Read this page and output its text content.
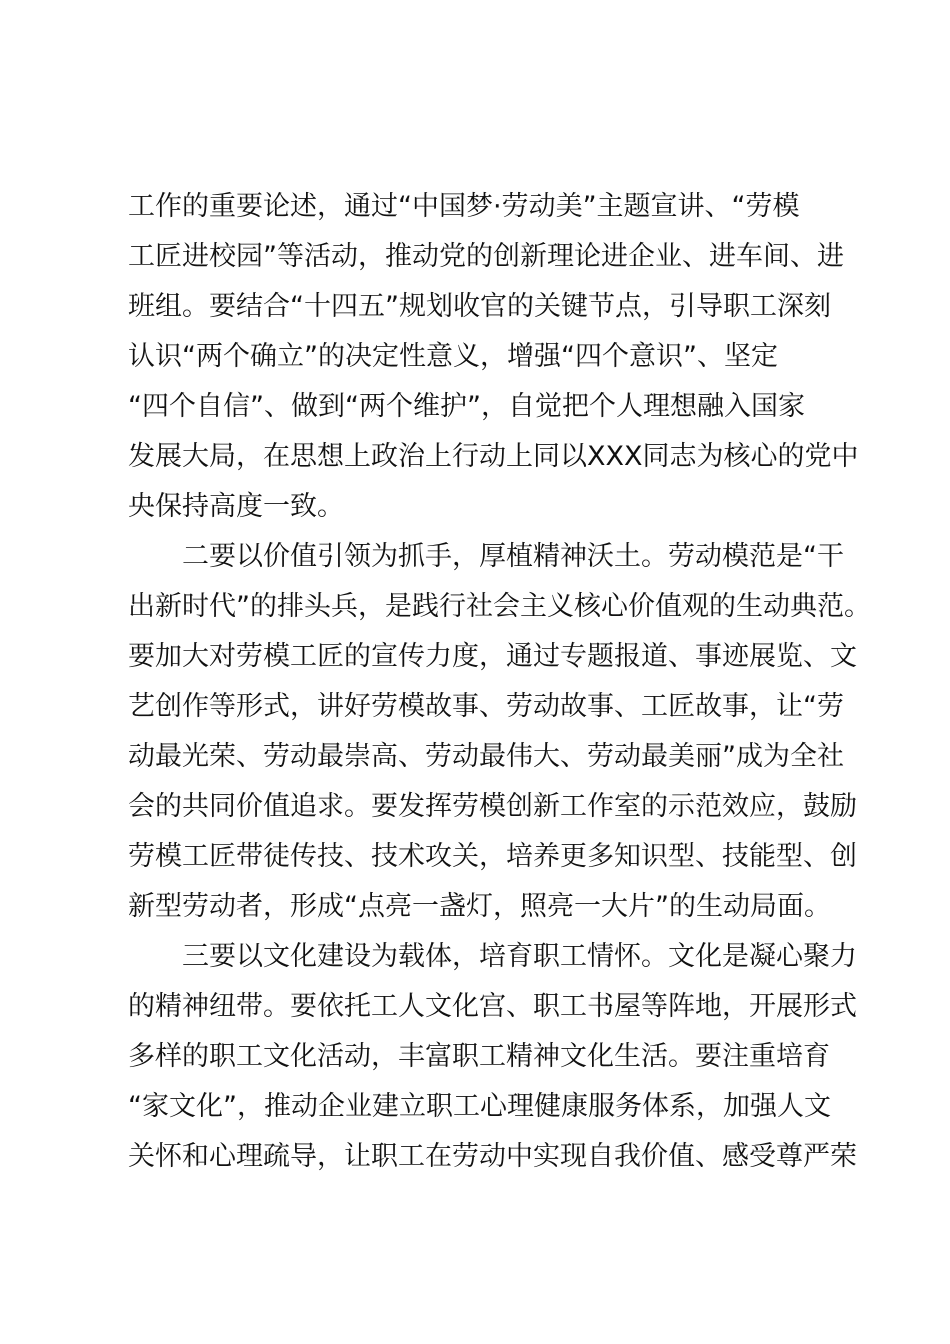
工作的重要论述，通过“中国梦·劳动美”主题宣讲、“劳模
工匠进校园”等活动，推动党的创新理论进企业、进车间、进
班组。要结合“十四五”规划收官的关键节点，引导职工深刻
认识“两个确立”的决定性意义，增强“四个意识”、坚定
“四个自信”、做到“两个维护”，自觉把个人理想融入国家
发展大局，在思想上政治上行动上同以XXX同志为核心的党中
央保持高度一致。
二要以价值引领为抓手，厚植精神沃土。劳动模范是“干
出新时代”的排头兵，是践行社会主义核心价值观的生动典范。
要加大对劳模工匠的宣传力度，通过专题报道、事迹展览、文
艺创作等形式，讲好劳模故事、劳动故事、工匠故事，让“劳
动最光荣、劳动最崇高、劳动最伟大、劳动最美丽”成为全社
会的共同价值追求。要发挥劳模创新工作室的示范效应，鼓励
劳模工匠带徒传技、技术攻关，培养更多知识型、技能型、创
新型劳动者，形成“点亮一盏灯，照亮一大片”的生动局面。
三要以文化建设为载体，培育职工情怀。文化是凝心聚力
的精神纽带。要依托工人文化宫、职工书屋等阵地，开展形式
多样的职工文化活动，丰富职工精神文化生活。要注重培育
“家文化”，推动企业建立职工心理健康服务体系，加强人文
关怀和心理疏导，让职工在劳动中实现自我价值、感受尊严荣
